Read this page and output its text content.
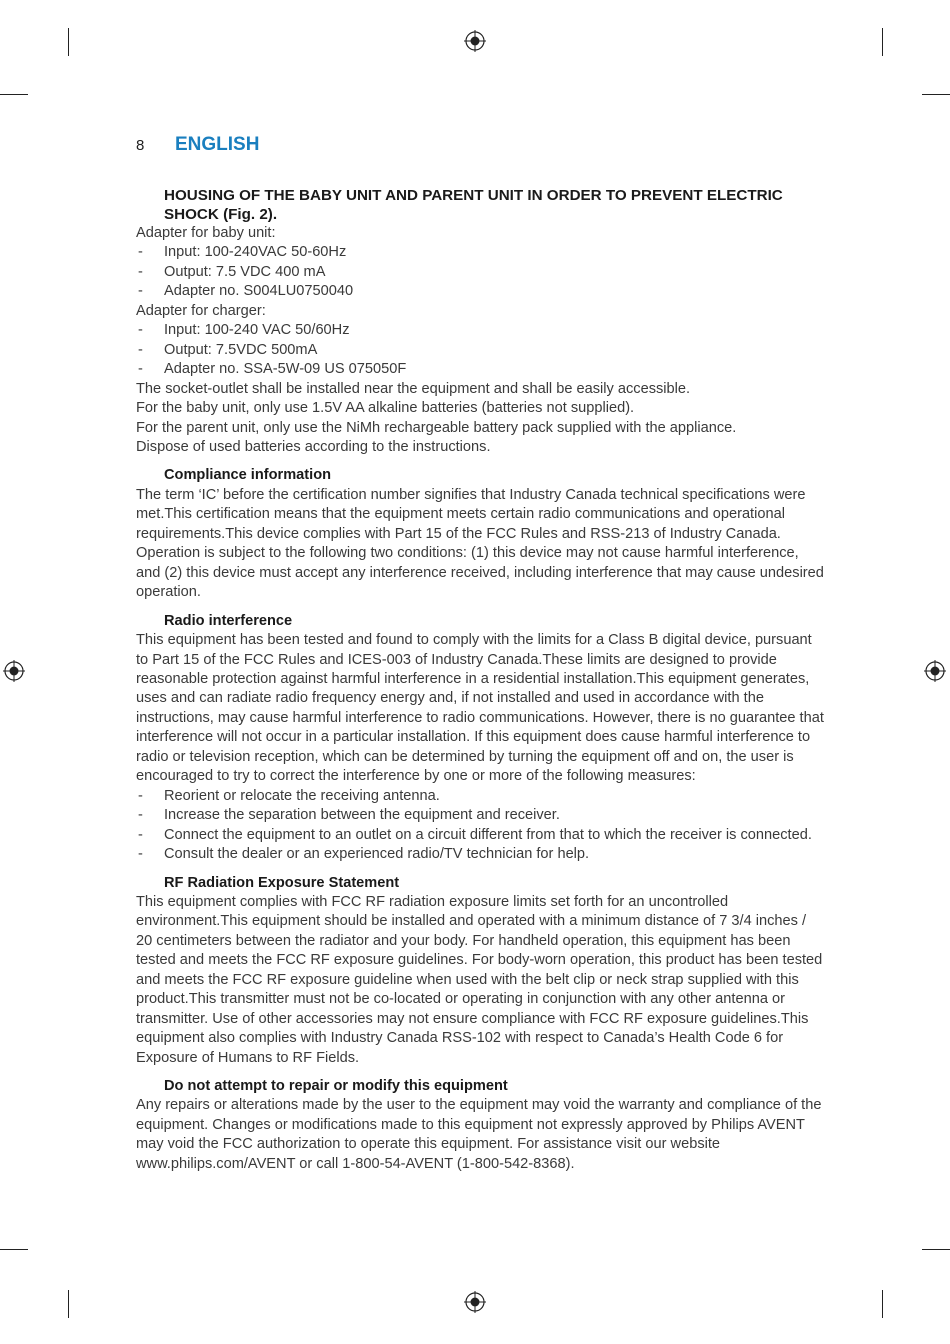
8 ENGLISH

HOUSING OF THE BABY UNIT AND PARENT UNIT IN ORDER TO PREVENT ELECTRIC SHOCK (Fig. 2).

Adapter for baby unit:

- Input: 100-240VAC 50-60Hz
- Output: 7.5 VDC 400 mA
- Adapter no. S004LU0750040

Adapter for charger:

- Input: 100-240 VAC 50/60Hz
- Output: 7.5VDC 500mA
- Adapter no. SSA-5W-09 US 075050F

The socket-outlet shall be installed near the equipment and shall be easily accessible.

For the baby unit, only use 1.5V AA alkaline batteries (batteries not supplied).

For the parent unit, only use the NiMh rechargeable battery pack supplied with the appliance.

Dispose of used batteries according to the instructions.

Compliance information

The term ‘IC’ before the certification number signifies that Industry Canada technical specifications were met.This certification means that the equipment meets certain radio communications and operational requirements.This device complies with Part 15 of the FCC Rules and RSS-213 of Industry Canada. Operation is subject to the following two conditions: (1) this device may not cause harmful interference, and (2) this device must accept any interference received, including interference that may cause undesired operation.

Radio interference

This equipment has been tested and found to comply with the limits for a Class B digital device, pursuant to Part 15 of the FCC Rules and ICES-003 of Industry Canada.These limits are designed to provide reasonable protection against harmful interference in a residential installation.This equipment generates, uses and can radiate radio frequency energy and, if not installed and used in accordance with the instructions, may cause harmful interference to radio communications. However, there is no guarantee that interference will not occur in a particular installation. If this equipment does cause harmful interference to radio or television reception, which can be determined by turning the equipment off and on, the user is encouraged to try to correct the interference by one or more of the following measures:

- Reorient or relocate the receiving antenna.
- Increase the separation between the equipment and receiver.
- Connect the equipment to an outlet on a circuit different from that to which the receiver is connected.
- Consult the dealer or an experienced radio/TV technician for help.

RF Radiation Exposure Statement

This equipment complies with FCC RF radiation exposure limits set forth for an uncontrolled environment.This equipment should be installed and operated with a minimum distance of 7 3/4 inches / 20 centimeters between the radiator and your body. For handheld operation, this equipment has been tested and meets the FCC RF exposure guidelines. For body-worn operation, this product has been tested and meets the FCC RF exposure guideline when used with the belt clip or neck strap supplied with this product.This transmitter must not be co-located or operating in conjunction with any other antenna or transmitter. Use of other accessories may not ensure compliance with FCC RF exposure guidelines.This equipment also complies with Industry Canada RSS-102 with respect to Canada’s Health Code 6 for Exposure of Humans to RF Fields.

Do not attempt to repair or modify this equipment

Any repairs or alterations made by the user to the equipment may void the warranty and compliance of the equipment. Changes or modifications made to this equipment not expressly approved by Philips AVENT may void the FCC authorization to operate this equipment. For assistance visit our website www.philips.com/AVENT or call 1-800-54-AVENT (1-800-542-8368).
